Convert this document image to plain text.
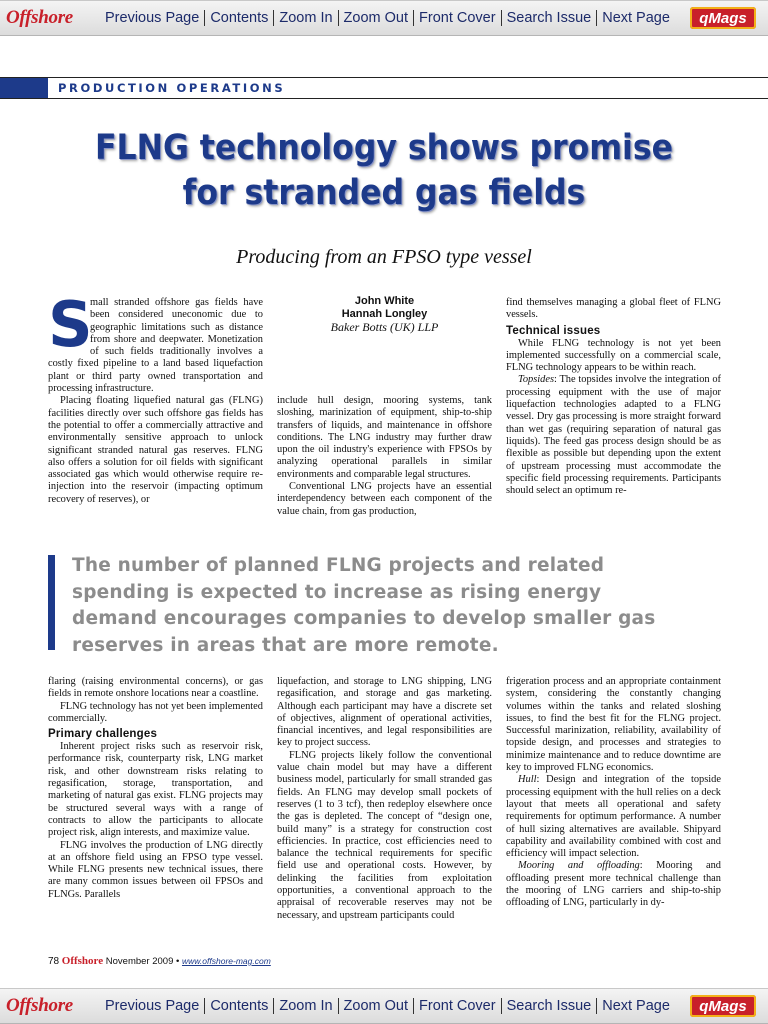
Offshore	Previous Page Contents Zoom In Zoom Out Front Cover Search Issue Next Page	qMags
PRODUCTION OPERATIONS
FLNG technology shows promise
for stranded gas fields
Producing from an FPSO type vessel
S

mall stranded offshore gas fields have been considered uneconomic due to geographic limitations such as distance from shore and deepwater. Monetization of such fields traditionally involves a costly fixed pipeline to a land based liquefaction plant or third party owned transportation and processing infrastructure.

Placing floating liquefied natural gas (FLNG) facilities directly over such offshore gas fields has the potential to offer a commercially attractive and environmentally sensitive approach to unlock significant stranded natural gas reserves. FLNG also offers a solution for oil fields with significant associated gas which would otherwise require re-injection into the reservoir (impacting optimum recovery of reserves), or

John White
Hannah Longley
Baker Botts (UK) LLP

include hull design, mooring systems, tank sloshing, marinization of equipment, ship-to-ship transfers of liquids, and maintenance in offshore conditions. The LNG industry may further draw upon the oil industry's experience with FPSOs by analyzing operational parallels in similar environments and comparable legal structures.

Conventional LNG projects have an essential interdependency between each component of the value chain, from gas production,

find themselves managing a global fleet of FLNG vessels.

Technical issues

While FLNG technology is not yet been implemented successfully on a commercial scale, FLNG technology appears to be within reach.

Topsides: The topsides involve the integration of processing equipment with the use of major liquefaction technologies adapted to a FLNG vessel. Dry gas processing is more straight forward than wet gas (requiring separation of natural gas liquids). The feed gas process design should be as flexible as possible but depending upon the extent of upstream processing must accommodate the specific field processing requirements. Participants should select an optimum re-

The number of planned FLNG projects and related spending is expected to increase as rising energy demand encourages companies to develop smaller gas reserves in areas that are more remote.

flaring (raising environmental concerns), or gas fields in remote onshore locations near a coastline.

FLNG technology has not yet been implemented commercially.

Primary challenges

Inherent project risks such as reservoir risk, performance risk, counterparty risk, LNG market risk, and other downstream risks relating to regasification, storage, transportation, and marketing of natural gas exist. FLNG projects may be structured several ways with a range of contracts to allow the participants to allocate project risk, align interests, and maximize value.

FLNG involves the production of LNG directly at an offshore field using an FPSO type vessel. While FLNG presents new technical issues, there are many common issues between oil FPSOs and FLNGs. Parallels

liquefaction, and storage to LNG shipping, LNG regasification, and storage and gas marketing. Although each participant may have a discrete set of objectives, alignment of operational activities, financial incentives, and legal responsibilities are key to project success.

FLNG projects likely follow the conventional value chain model but may have a different business model, particularly for small stranded gas fields. An FLNG may develop small pockets of reserves (1 to 3 tcf), then redeploy elsewhere once the gas is depleted. The concept of “design one, build many” is a strategy for construction cost efficiencies. In practice, cost efficiencies need to balance the technical requirements for specific field use and operational costs. However, by delinking the facilities from exploitation opportunities, a conventional approach to the appraisal of recoverable reserves may not be necessary, and upstream participants could

frigeration process and an appropriate containment system, considering the constantly changing volumes within the tanks and related sloshing issues, to find the best fit for the FLNG project. Successful marinization, reliability, availability of topside design, and processes and strategies to minimize maintenance and to reduce downtime are key to improved FLNG economics.

Hull: Design and integration of the topside processing equipment with the hull relies on a deck layout that meets all operational and safety requirements for optimum performance. A number of hull sizing alternatives are available. Shipyard capability and availability combined with cost and efficiency will impact selection.

Mooring and offloading: Mooring and offloading present more technical challenge than the mooring of LNG carriers and ship-to-ship offloading of LNG, particularly in dy-

78 Offshore November 2009 • www.offshore-mag.com
Offshore	Previous Page Contents Zoom In Zoom Out Front Cover Search Issue Next Page	qMags
